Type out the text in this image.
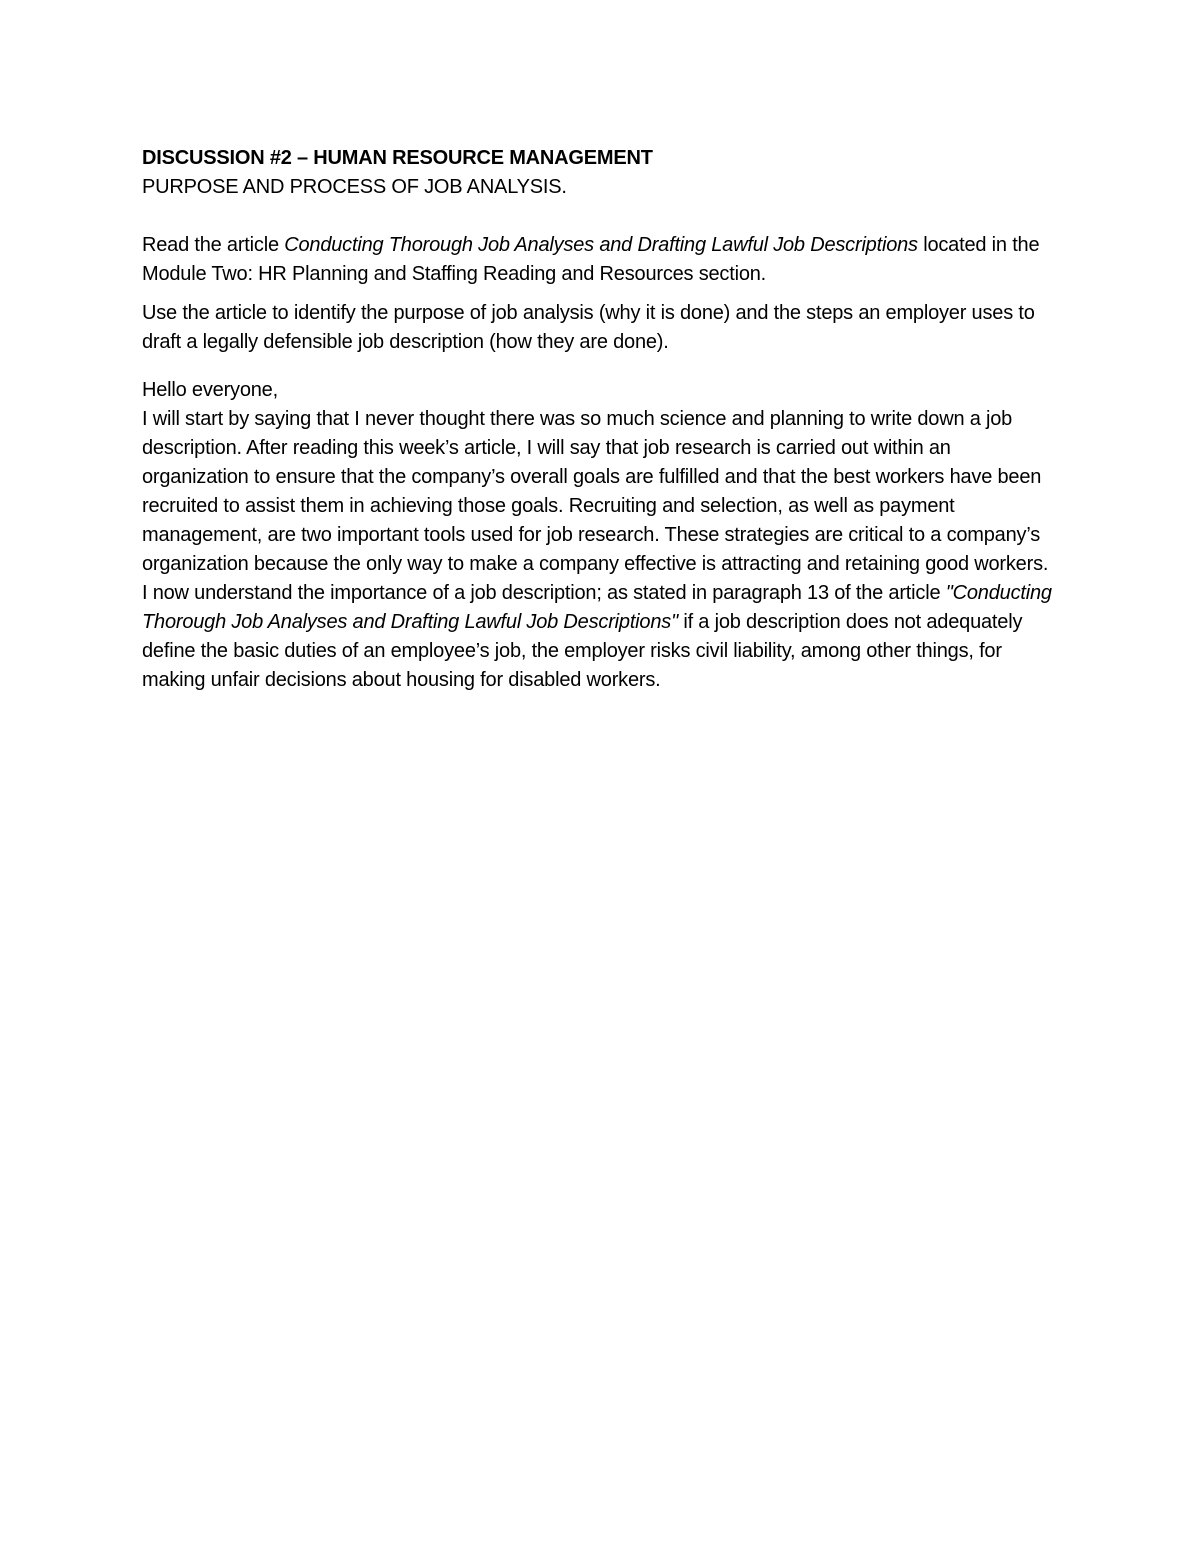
DISCUSSION #2 – HUMAN RESOURCE MANAGEMENT

PURPOSE AND PROCESS OF JOB ANALYSIS.

Read the article Conducting Thorough Job Analyses and Drafting Lawful Job Descriptions located in the Module Two: HR Planning and Staffing Reading and Resources section.

Use the article to identify the purpose of job analysis (why it is done) and the steps an employer uses to draft a legally defensible job description (how they are done).

Hello everyone,

I will start by saying that I never thought there was so much science and planning to write down a job description. After reading this week’s article, I will say that job research is carried out within an organization to ensure that the company’s overall goals are fulfilled and that the best workers have been recruited to assist them in achieving those goals. Recruiting and selection, as well as payment management, are two important tools used for job research. These strategies are critical to a company’s organization because the only way to make a company effective is attracting and retaining good workers.

I now understand the importance of a job description; as stated in paragraph 13 of the article "Conducting Thorough Job Analyses and Drafting Lawful Job Descriptions" if a job description does not adequately define the basic duties of an employee’s job, the employer risks civil liability, among other things, for making unfair decisions about housing for disabled workers.
